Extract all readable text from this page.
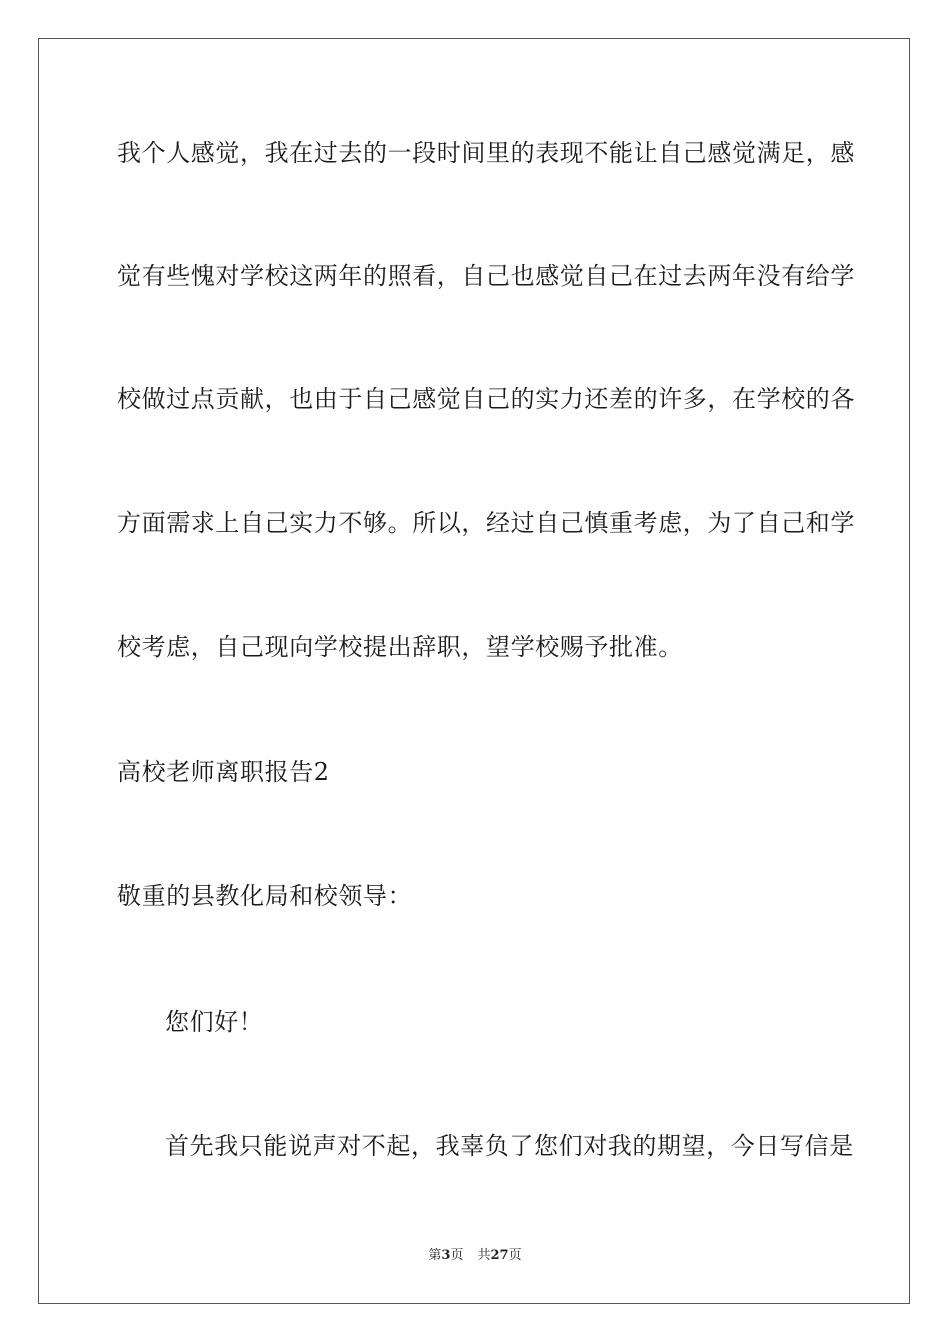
我个人感觉，我在过去的一段时间里的表现不能让自己感觉满足，感
觉有些愧对学校这两年的照看，自己也感觉自己在过去两年没有给学
校做过点贡献，也由于自己感觉自己的实力还差的许多，在学校的各
方面需求上自己实力不够。所以，经过自己慎重考虑，为了自己和学
校考虑，自己现向学校提出辞职，望学校赐予批准。
高校老师离职报告2
敬重的县教化局和校领导：
您们好！
首先我只能说声对不起，我辜负了您们对我的期望，今日写信是
第3页 共27页
